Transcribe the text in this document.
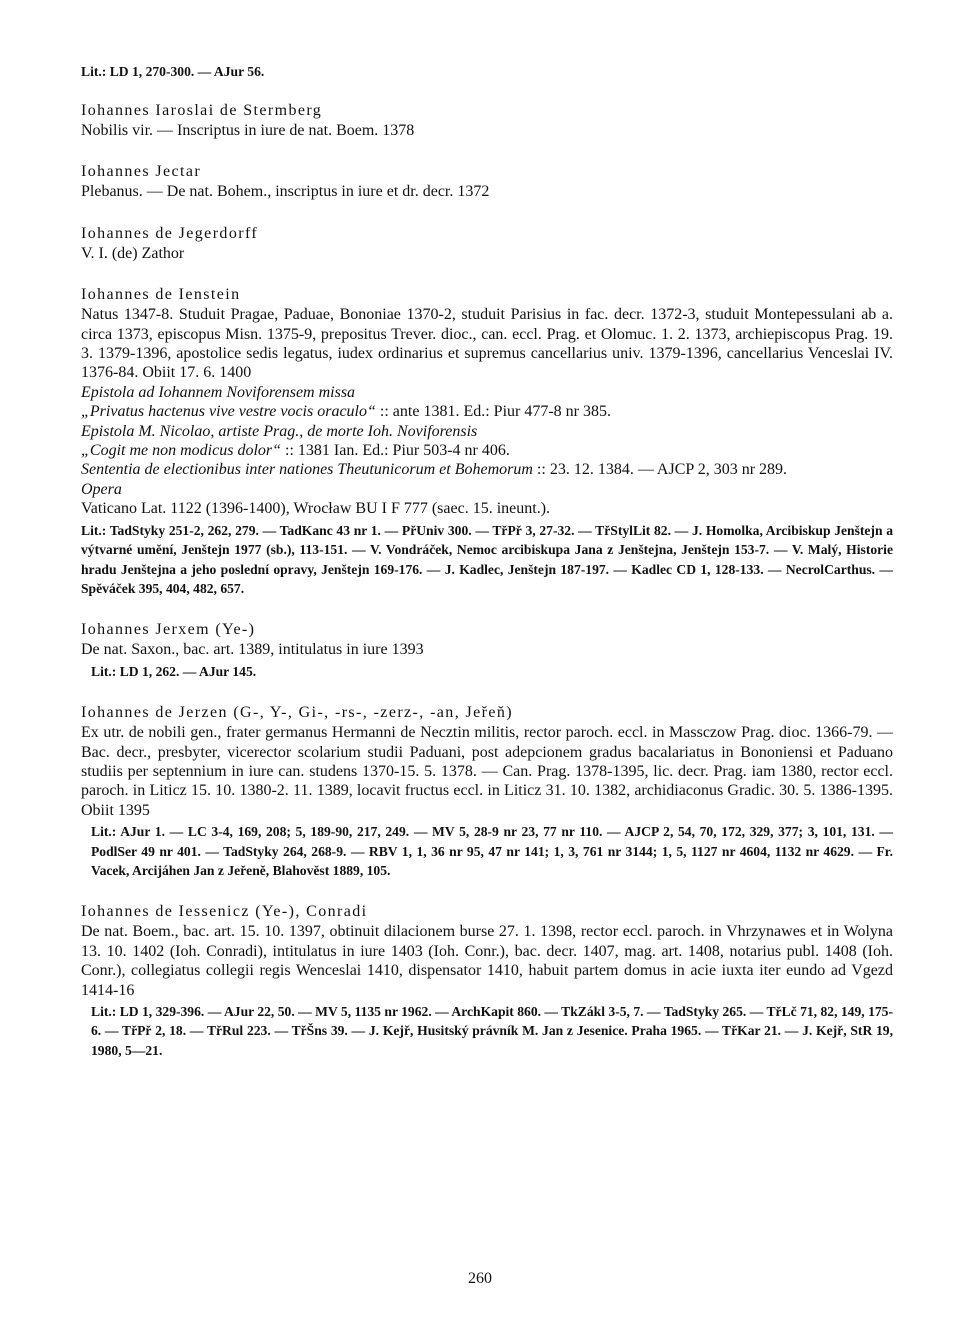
Lit.: LD 1, 270-300. — AJur 56.

Iohannes Iaroslai de Stermberg

Nobilis vir. — Inscriptus in iure de nat. Boem. 1378

Iohannes Jectar

Plebanus. — De nat. Bohem., inscriptus in iure et dr. decr. 1372

Iohannes de Jegerdorff

V. I. (de) Zathor

Iohannes de Ienstein

Natus 1347-8. Studuit Pragae, Paduae, Bononiae 1370-2, studuit Parisius in fac. decr. 1372-3, studuit Montepessulani ab a. circa 1373, episcopus Misn. 1375-9, prepositus Trever. dioc., can. eccl. Prag. et Olomuc. 1. 2. 1373, archiepiscopus Prag. 19. 3. 1379-1396, apostolice sedis legatus, iudex ordinarius et supremus cancellarius univ. 1379-1396, cancellarius Venceslai IV. 1376-84. Obiit 17. 6. 1400

Epistola ad Iohannem Noviforensem missa

„Privatus hactenus vive vestre vocis oraculo“ :: ante 1381. Ed.: Piur 477-8 nr 385.

Epistola M. Nicolao, artiste Prag., de morte Ioh. Noviforensis

„Cogit me non modicus dolor“ :: 1381 Ian. Ed.: Piur 503-4 nr 406.

Sententia de electionibus inter nationes Theutunicorum et Bohemorum :: 23. 12. 1384. — AJCP 2, 303 nr 289.

Opera

Vaticano Lat. 1122 (1396-1400), Wrocław BU I F 777 (saec. 15. ineunt.).

Lit.: TadStyky 251-2, 262, 279. — TadKanc 43 nr 1. — PřUniv 300. — TřPř 3, 27-32. — TřStylLit 82. — J. Homolka, Arcibiskup Jenštejn a výtvarné umění, Jenštejn 1977 (sb.), 113-151. — V. Vondráček, Nemoc arcibiskupa Jana z Jenštejna, Jenštejn 153-7. — V. Malý, Historie hradu Jenštejna a jeho poslední opravy, Jenštejn 169-176. — J. Kadlec, Jenštejn 187-197. — Kadlec CD 1, 128-133. — NecrolCarthus. — Spěváček 395, 404, 482, 657.

Iohannes Jerxem (Ye-)

De nat. Saxon., bac. art. 1389, intitulatus in iure 1393

Lit.: LD 1, 262. — AJur 145.

Iohannes de Jerzen (G-, Y-, Gi-, -rs-, -zerz-, -an, Jeřeň)

Ex utr. de nobili gen., frater germanus Hermanni de Necztin militis, rector paroch. eccl. in Massczow Prag. dioc. 1366-79. — Bac. decr., presbyter, vicerector scolarium studii Paduani, post adepcionem gradus bacalariatus in Bononiensi et Paduano studiis per septennium in iure can. studens 1370-15. 5. 1378. — Can. Prag. 1378-1395, lic. decr. Prag. iam 1380, rector eccl. paroch. in Liticz 15. 10. 1380-2. 11. 1389, locavit fructus eccl. in Liticz 31. 10. 1382, archidiaconus Gradic. 30. 5. 1386-1395. Obiit 1395

Lit.: AJur 1. — LC 3-4, 169, 208; 5, 189-90, 217, 249. — MV 5, 28-9 nr 23, 77 nr 110. — AJCP 2, 54, 70, 172, 329, 377; 3, 101, 131. — PodlSer 49 nr 401. — TadStyky 264, 268-9. — RBV 1, 1, 36 nr 95, 47 nr 141; 1, 3, 761 nr 3144; 1, 5, 1127 nr 4604, 1132 nr 4629. — Fr. Vacek, Arcijáhen Jan z Jeřeně, Blahověst 1889, 105.

Iohannes de Iessenicz (Ye-), Conradi

De nat. Boem., bac. art. 15. 10. 1397, obtinuit dilacionem burse 27. 1. 1398, rector eccl. paroch. in Vhrzynawes et in Wolyna 13. 10. 1402 (Ioh. Conradi), intitulatus in iure 1403 (Ioh. Conr.), bac. decr. 1407, mag. art. 1408, notarius publ. 1408 (Ioh. Conr.), collegiatus collegii regis Wenceslai 1410, dispensator 1410, habuit partem domus in acie iuxta iter eundo ad Vgezd 1414-16

Lit.: LD 1, 329-396. — AJur 22, 50. — MV 5, 1135 nr 1962. — ArchKapit 860. — TkZákl 3-5, 7. — TadStyky 265. — TřLč 71, 82, 149, 175-6. — TřPř 2, 18. — TřRul 223. — TřŠns 39. — J. Kejř, Husitský právník M. Jan z Jesenice. Praha 1965. — TřKar 21. — J. Kejř, StR 19, 1980, 5—21.

260
